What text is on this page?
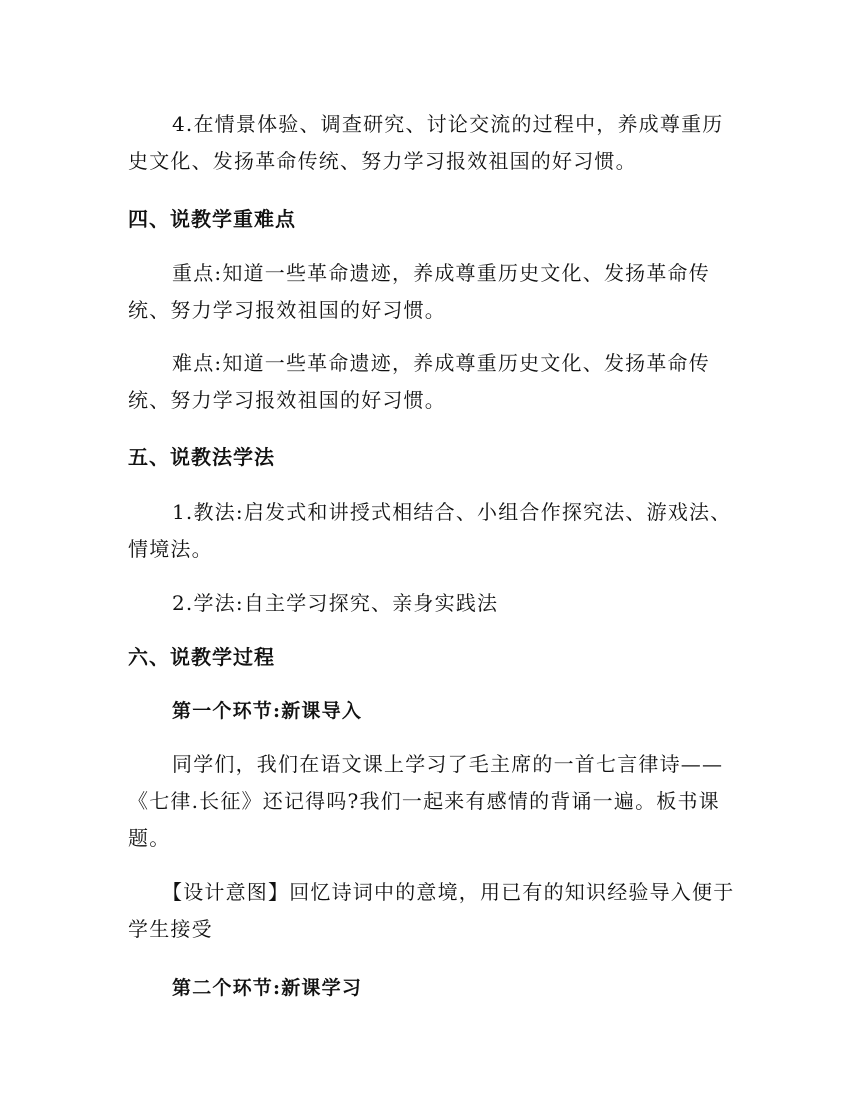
4.在情景体验、调查研究、讨论交流的过程中，养成尊重历史文化、发扬革命传统、努力学习报效祖国的好习惯。

四、说教学重难点

重点:知道一些革命遗迹，养成尊重历史文化、发扬革命传统、努力学习报效祖国的好习惯。

难点:知道一些革命遗迹，养成尊重历史文化、发扬革命传统、努力学习报效祖国的好习惯。

五、说教法学法

1.教法:启发式和讲授式相结合、小组合作探究法、游戏法、情境法。

2.学法:自主学习探究、亲身实践法

六、说教学过程

第一个环节:新课导入

同学们，我们在语文课上学习了毛主席的一首七言律诗——《七律.长征》还记得吗?我们一起来有感情的背诵一遍。板书课题。

【设计意图】回忆诗词中的意境，用已有的知识经验导入便于学生接受

第二个环节:新课学习
